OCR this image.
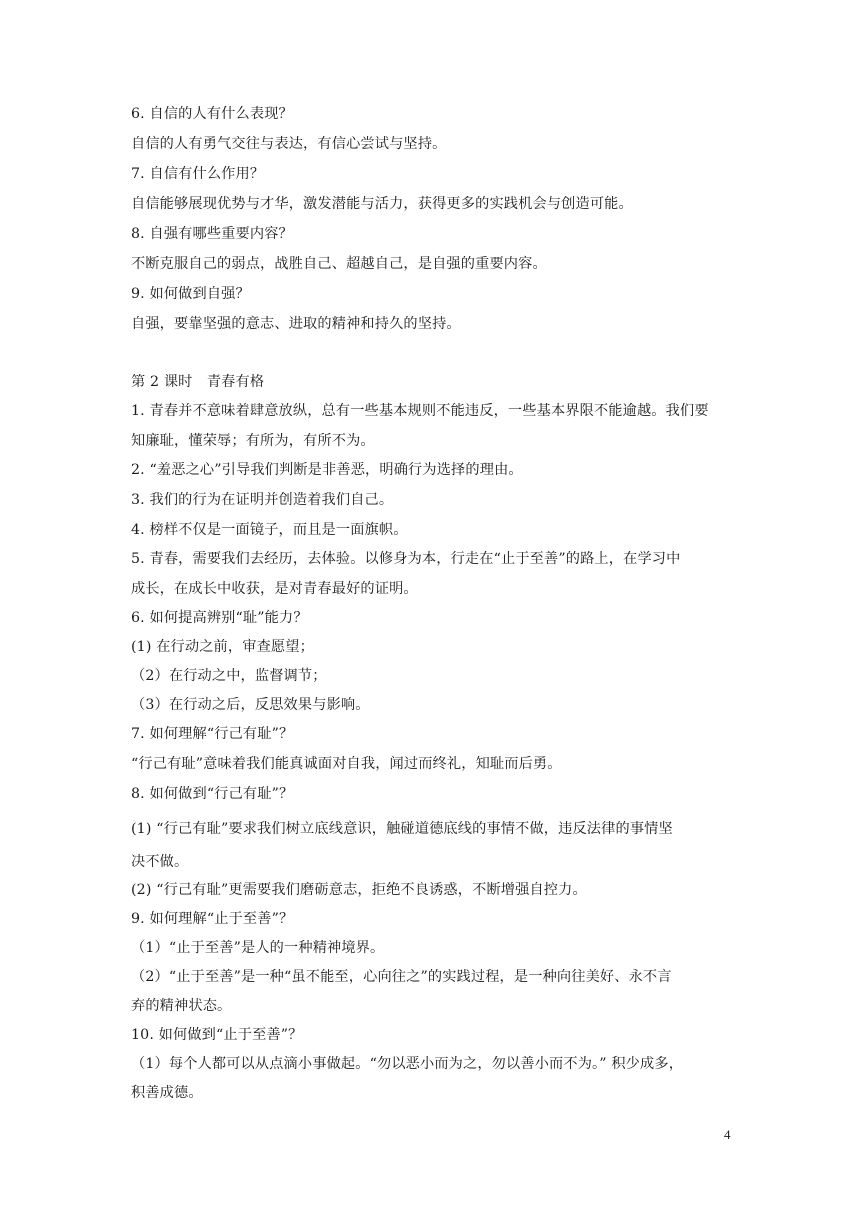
6. 自信的人有什么表现？
自信的人有勇气交往与表达，有信心尝试与坚持。
7. 自信有什么作用？
自信能够展现优势与才华，激发潜能与活力，获得更多的实践机会与创造可能。
8. 自强有哪些重要内容？
不断克服自己的弱点，战胜自己、超越自己，是自强的重要内容。
9. 如何做到自强？
自强，要靠坚强的意志、进取的精神和持久的坚持。
第 2 课时　青春有格
1. 青春并不意味着肆意放纵，总有一些基本规则不能违反，一些基本界限不能逾越。我们要
知廉耻，懂荣辱；有所为，有所不为。
2. “羞恶之心”引导我们判断是非善恶，明确行为选择的理由。
3. 我们的行为在证明并创造着我们自己。
4. 榜样不仅是一面镜子，而且是一面旗帜。
5. 青春，需要我们去经历，去体验。以修身为本，行走在“止于至善”的路上，在学习中
成长，在成长中收获，是对青春最好的证明。
6. 如何提高辨别“耻”能力？
(1) 在行动之前，审查愿望；
（2）在行动之中，监督调节；
（3）在行动之后，反思效果与影响。
7. 如何理解“行己有耻”？
“行己有耻”意味着我们能真诚面对自我，闻过而终礼，知耻而后勇。
8. 如何做到“行己有耻”？
(1) “行己有耻”要求我们树立底线意识，触碰道德底线的事情不做，违反法律的事情坚
决不做。
(2) “行己有耻”更需要我们磨砺意志，拒绝不良诱惑，不断增强自控力。
9. 如何理解“止于至善”？
（1）“止于至善”是人的一种精神境界。
（2）“止于至善”是一种“虽不能至，心向往之”的实践过程，是一种向往美好、永不言
弃的精神状态。
10. 如何做到“止于至善”？
（1）每个人都可以从点滴小事做起。“勿以恶小而为之，勿以善小而不为。” 积少成多，
积善成德。
4
